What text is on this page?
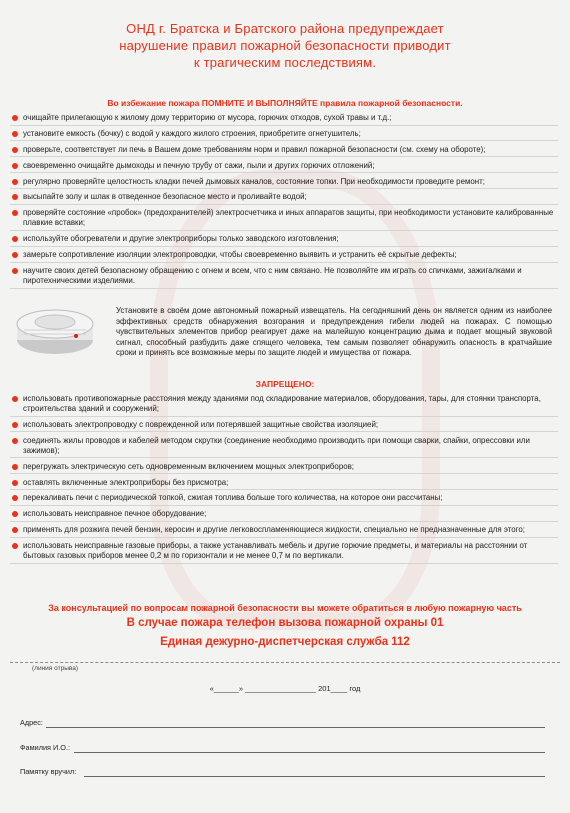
ОНД г. Братска и Братского района предупреждает
нарушение правил пожарной безопасности приводит
к трагическим последствиям.
Во избежание пожара ПОМНИТЕ И ВЫПОЛНЯЙТЕ правила пожарной безопасности.
очищайте прилегающую к жилому дому территорию от мусора, горючих отходов, сухой травы и т.д.;
установите емкость (бочку) с водой у каждого жилого строения, приобретите огнетушитель;
проверьте, соответствует ли печь в Вашем доме требованиям норм и правил пожарной безопасности (см. схему на обороте);
своевременно очищайте дымоходы и печную трубу от сажи, пыли и других горючих отложений;
регулярно проверяйте целостность кладки печей дымовых каналов, состояние топки. При необходимости проведите ремонт;
высыпайте золу и шлак в отведенное безопасное место и проливайте водой;
проверяйте состояние «пробок» (предохранителей) электросчетчика и иных аппаратов защиты, при необходимости установите калиброванные плавкие вставки;
используйте обогреватели и другие электроприборы только заводского изготовления;
замерьте сопротивление изоляции электропроводки, чтобы своевременно выявить и устранить её скрытые дефекты;
научите своих детей безопасному обращению с огнем и всем, что с ним связано. Не позволяйте им играть со спичками, зажигалками и пиротехническими изделиями.
Установите в своём доме автономный пожарный извещатель. На сегодняшний день он является одним из наиболее эффективных средств обнаружения возгорания и предупреждения гибели людей на пожарах. С помощью чувствительных элементов прибор реагирует даже на малейшую концентрацию дыма и подает мощный звуковой сигнал, способный разбудить даже спящего человека, тем самым позволяет обнаружить опасность в кратчайшие сроки и принять все возможные меры по защите людей и имущества от пожара.
ЗАПРЕЩЕНО:
использовать противопожарные расстояния между зданиями под складирование материалов, оборудования, тары, для стоянки транспорта, строительства зданий и сооружений;
использовать электропроводку с поврежденной или потерявшей защитные свойства изоляцией;
соединять жилы проводов и кабелей методом скрутки (соединение необходимо производить при помощи сварки, спайки, опрессовки или зажимов);
перегружать электрическую сеть одновременным включением мощных электроприборов;
оставлять включенные электроприборы без присмотра;
перекаливать печи с периодической топкой, сжигая топлива больше того количества, на которое они рассчитаны;
использовать неисправное печное оборудование;
применять для розжига печей бензин, керосин и другие легковоспламеняющиеся жидкости, специально не предназначенные для этого;
использовать неисправные газовые приборы, а также устанавливать мебель и другие горючие предметы, и материалы на расстоянии от бытовых газовых приборов менее 0,2 м по горизонтали и не менее 0,7 м по вертикали.
За консультацией по вопросам пожарной безопасности вы можете обратиться в любую пожарную часть
В случае пожара телефон вызова пожарной охраны 01
Единая дежурно-диспетчерская служба 112
(линия отрыва)
«______» _________________ 201____ год
Адрес:
Фамилия И.О.:
Памятку вручил:
